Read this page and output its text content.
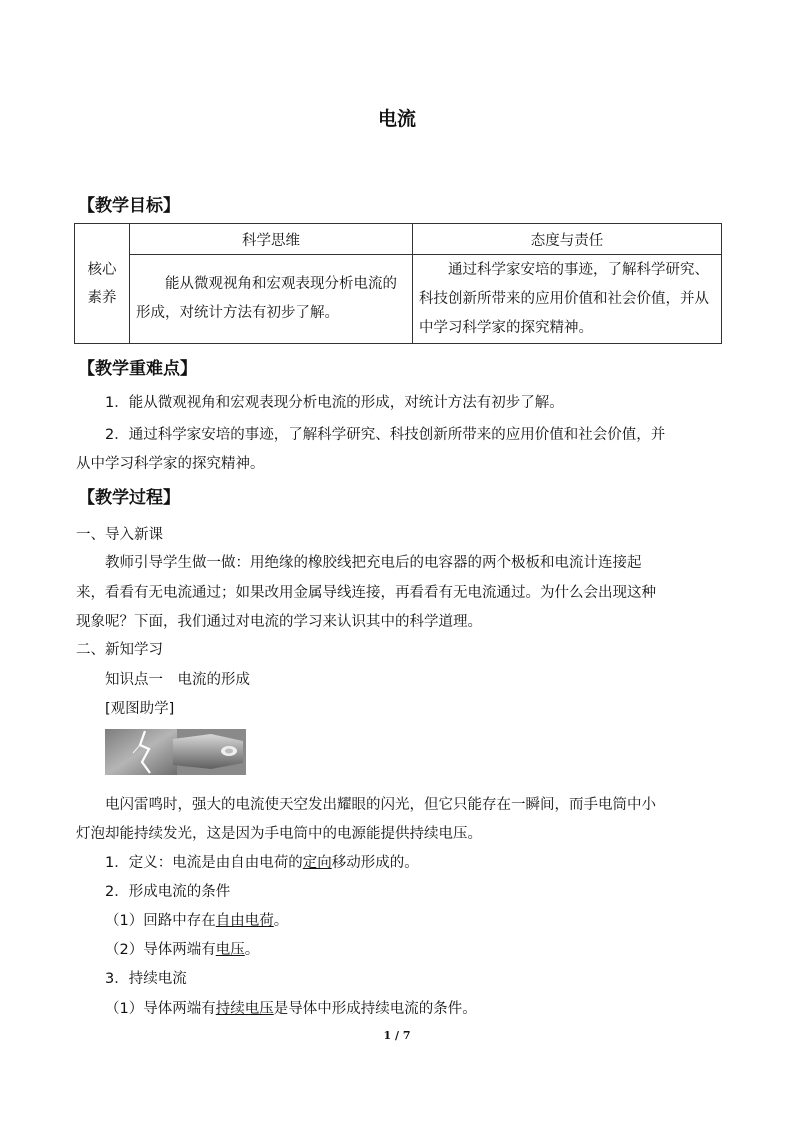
电流
【教学目标】
核心
素养	科学思维	态度与责任

	能从微观视角和宏观表现分析电流的形成，对统计方法有初步了解。	通过科学家安培的事迹，了解科学研究、科技创新所带来的应用价值和社会价值，并从中学习科学家的探究精神。
【教学重难点】
1．能从微观视角和宏观表现分析电流的形成，对统计方法有初步了解。
2．通过科学家安培的事迹，了解科学研究、科技创新所带来的应用价值和社会价值，并
从中学习科学家的探究精神。
【教学过程】
一、导入新课
教师引导学生做一做：用绝缘的橡胶线把充电后的电容器的两个极板和电流计连接起
来，看看有无电流通过；如果改用金属导线连接，再看看有无电流通过。为什么会出现这种
现象呢？下面，我们通过对电流的学习来认识其中的科学道理。
二、新知学习
知识点一　电流的形成
[观图助学]
电闪雷鸣时，强大的电流使天空发出耀眼的闪光，但它只能存在一瞬间，而手电筒中小
灯泡却能持续发光，这是因为手电筒中的电源能提供持续电压。
1．定义：电流是由自由电荷的定向移动形成的。
2．形成电流的条件
（1）回路中存在自由电荷。
（2）导体两端有电压。
3．持续电流
（1）导体两端有持续电压是导体中形成持续电流的条件。
1 / 7
